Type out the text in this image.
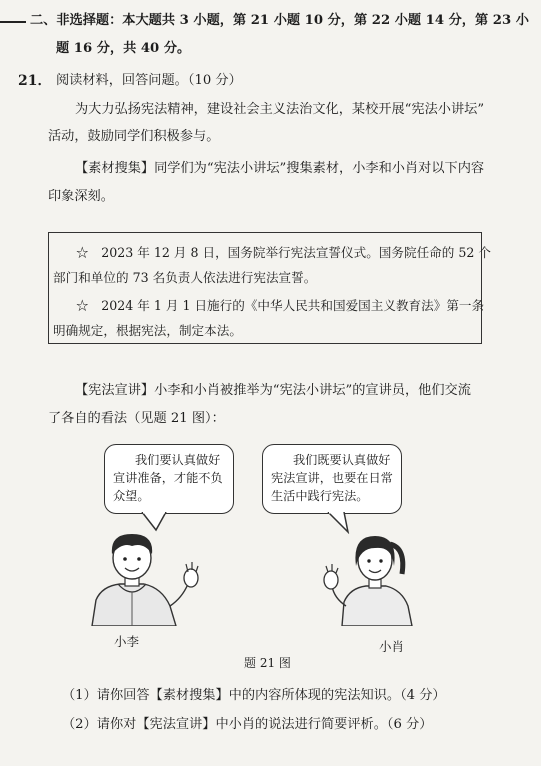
二、非选择题：本大题共 3 小题，第 21 小题 10 分，第 22 小题 14 分，第 23 小
题 16 分，共 40 分。
21． 阅读材料，回答问题。（10 分）
为大力弘扬宪法精神，建设社会主义法治文化，某校开展“宪法小讲坛”
活动，鼓励同学们积极参与。
【素材搜集】同学们为“宪法小讲坛”搜集素材，小李和小肖对以下内容
印象深刻。
☆　2023 年 12 月 8 日，国务院举行宪法宣誓仪式。国务院任命的 52 个
部门和单位的 73 名负责人依法进行宪法宣誓。
☆　2024 年 1 月 1 日施行的《中华人民共和国爱国主义教育法》第一条
明确规定，根据宪法，制定本法。
【宪法宣讲】小李和小肖被推举为“宪法小讲坛”的宣讲员，他们交流
了各自的看法（见题 21 图）：
我们要认真做好
宣讲准备，才能不负
众望。
我们既要认真做好
宪法宣讲，也要在日常
生活中践行宪法。
小李	小肖
题 21 图
（1）请你回答【素材搜集】中的内容所体现的宪法知识。（4 分）
（2）请你对【宪法宣讲】中小肖的说法进行简要评析。（6 分）
